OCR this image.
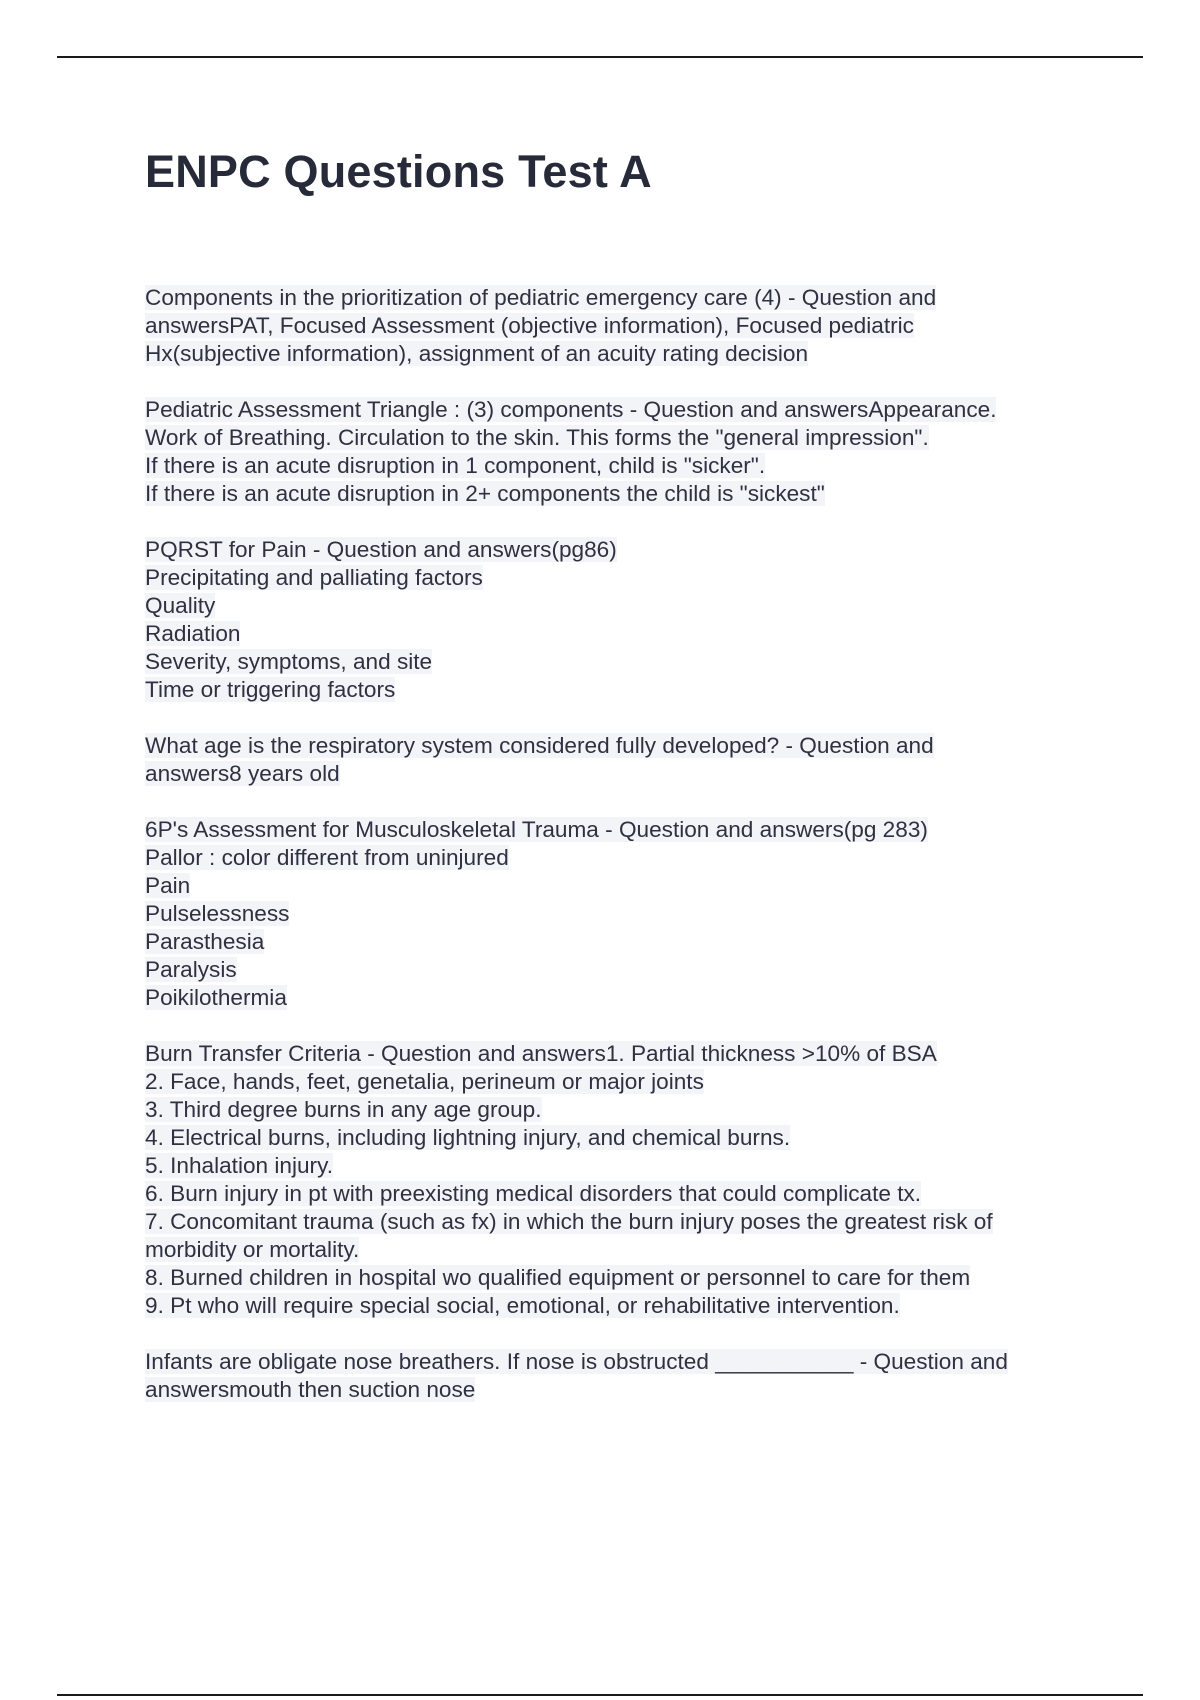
ENPC Questions Test A
Components in the prioritization of pediatric emergency care (4) - Question and
answersPAT, Focused Assessment (objective information), Focused pediatric
Hx(subjective information), assignment of an acuity rating decision
Pediatric Assessment Triangle : (3) components - Question and answersAppearance.
Work of Breathing. Circulation to the skin. This forms the "general impression".
If there is an acute disruption in 1 component, child is "sicker".
If there is an acute disruption in 2+ components the child is "sickest"
PQRST for Pain - Question and answers(pg86)
Precipitating and palliating factors
Quality
Radiation
Severity, symptoms, and site
Time or triggering factors
What age is the respiratory system considered fully developed? - Question and
answers8 years old
6P's Assessment for Musculoskeletal Trauma - Question and answers(pg 283)
Pallor : color different from uninjured
Pain
Pulselessness
Parasthesia
Paralysis
Poikilothermia
Burn Transfer Criteria - Question and answers1. Partial thickness >10% of BSA
2. Face, hands, feet, genetalia, perineum or major joints
3. Third degree burns in any age group.
4. Electrical burns, including lightning injury, and chemical burns.
5. Inhalation injury.
6. Burn injury in pt with preexisting medical disorders that could complicate tx.
7. Concomitant trauma (such as fx) in which the burn injury poses the greatest risk of
morbidity or mortality.
8. Burned children in hospital wo qualified equipment or personnel to care for them
9. Pt who will require special social, emotional, or rehabilitative intervention.
Infants are obligate nose breathers. If nose is obstructed ___________ - Question and
answersmouth then suction nose
